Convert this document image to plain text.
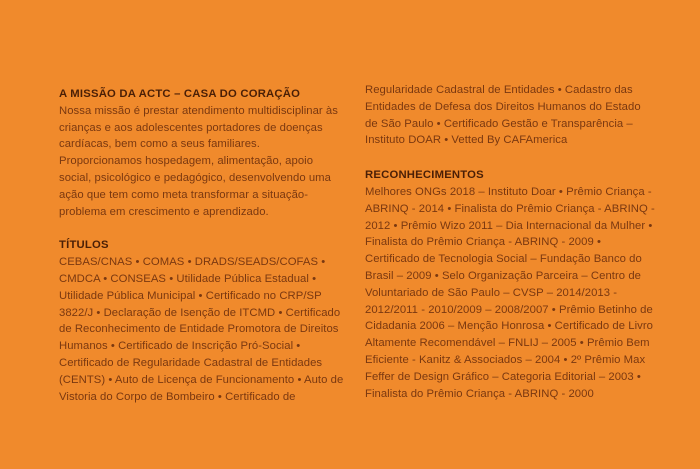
A MISSÃO DA ACTC – CASA DO CORAÇÃO

Nossa missão é prestar atendimento multidisciplinar às crianças e aos adolescentes portadores de doenças cardíacas, bem como a seus familiares. Proporcionamos hospedagem, alimentação, apoio social, psicológico e pedagógico, desenvolvendo uma ação que tem como meta transformar a situação-problema em crescimento e aprendizado.

TÍTULOS

CEBAS/CNAS • COMAS • DRADS/SEADS/COFAS • CMDCA • CONSEAS • Utilidade Pública Estadual • Utilidade Pública Municipal • Certificado no CRP/SP 3822/J • Declaração de Isenção de ITCMD • Certificado de Reconhecimento de Entidade Promotora de Direitos Humanos • Certificado de Inscrição Pró-Social • Certificado de Regularidade Cadastral de Entidades (CENTS) • Auto de Licença de Funcionamento • Auto de Vistoria do Corpo de Bombeiro • Certificado de

Regularidade Cadastral de Entidades • Cadastro das Entidades de Defesa dos Direitos Humanos do Estado de São Paulo • Certificado Gestão e Transparência – Instituto DOAR • Vetted By CAFAmerica

RECONHECIMENTOS

Melhores ONGs 2018 – Instituto Doar • Prêmio Criança - ABRINQ - 2014 • Finalista do Prêmio Criança - ABRINQ - 2012 • Prêmio Wizo 2011 – Dia Internacional da Mulher • Finalista do Prêmio Criança - ABRINQ - 2009 • Certificado de Tecnologia Social – Fundação Banco do Brasil – 2009 • Selo Organização Parceira – Centro de Voluntariado de São Paulo – CVSP – 2014/2013 - 2012/2011 - 2010/2009 – 2008/2007 • Prêmio Betinho de Cidadania 2006 – Menção Honrosa • Certificado de Livro Altamente Recomendável – FNLIJ – 2005 • Prêmio Bem Eficiente - Kanitz & Associados – 2004 • 2º Prêmio Max Feffer de Design Gráfico – Categoria Editorial – 2003 • Finalista do Prêmio Criança - ABRINQ - 2000
